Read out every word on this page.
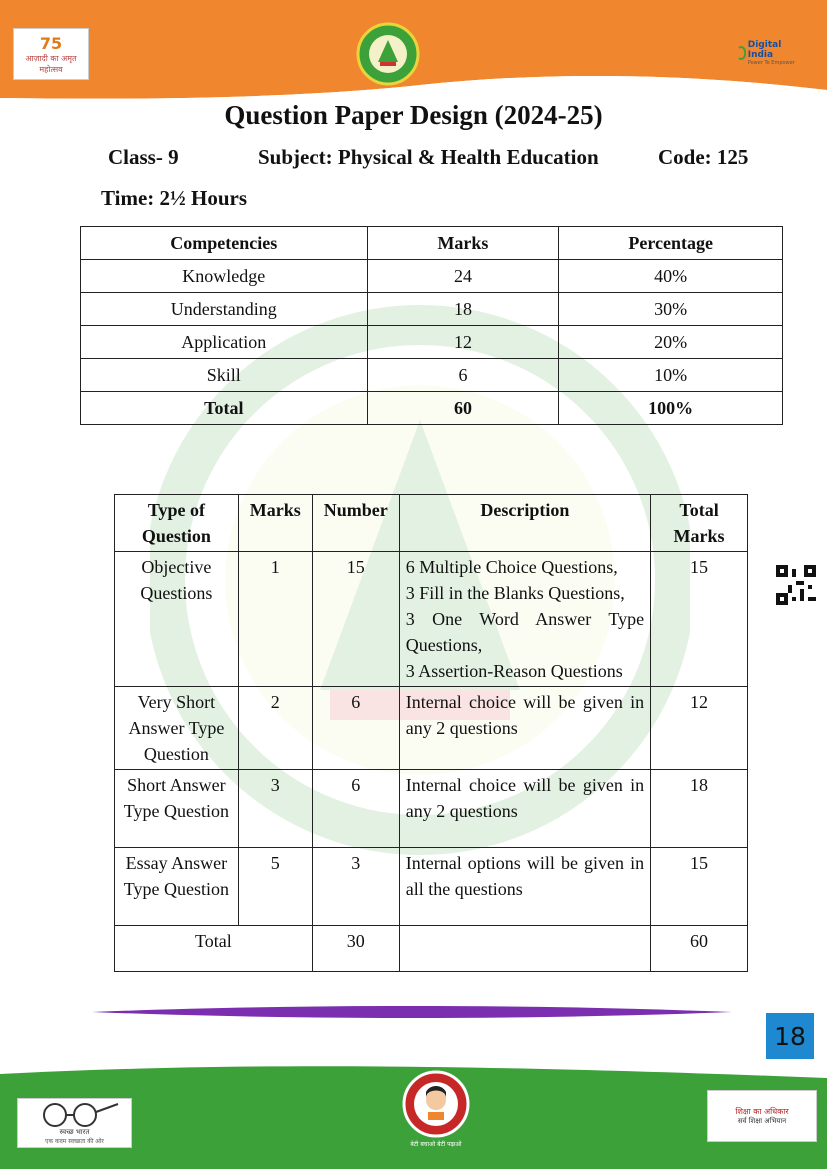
75
आज़ादी का अमृत महोत्सव
Digital India
Power To Empower
Question Paper Design (2024-25)
Class- 9	Subject: Physical & Health Education	Code: 125
Time: 2½ Hours
Competencies	Marks	Percentage
Knowledge	24	40%
Understanding	18	30%
Application	12	20%
Skill	6	10%
Total	60	100%
Type of Question	Marks	Number	Description	Total Marks
Objective Questions	1	15	6 Multiple Choice Questions,
3 Fill in the Blanks Questions,
3 One Word Answer Type Questions,
3 Assertion-Reason Questions	15
Very Short Answer Type Question	2	6	Internal choice will be given in any 2 questions	12
Short Answer Type Question	3	6	Internal choice will be given in any 2 questions	18
Essay Answer Type Question	5	3	Internal options will be given in all the questions	15
Total		30		60
18
स्वच्छ भारत
एक कदम स्वच्छता की ओर	बेटी बचाओ बेटी पढ़ाओ
शिक्षा का अधिकार
सर्व शिक्षा अभियान
